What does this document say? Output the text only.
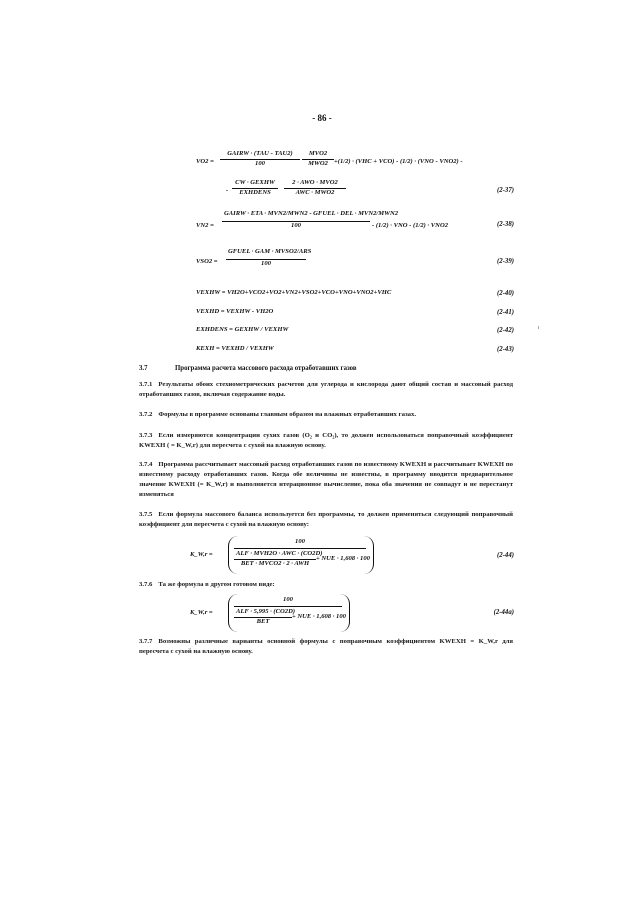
- 86 -
VO2 =
GAIRW · (TAU - TAU2)
100
MVO2
MWO2 +(1/2) · (VHC + VCO) - (1/2) · (VNO - VNO2) -
-
CW · GEXHW
EXHDENS
2 · AWO · MVO2
AWC · MWO2	(2-37)
VN2 =
GAIRW · ETA · MVN2/MWN2 - GFUEL · DEL · MVN2/MWN2
100	- (1/2) · VNO - (1/2) · VNO2	(2-38)
VSO2 =
GFUEL · GAM · MVSO2/ARS
100	(2-39)
VEXHW = VH2O+VCO2+VO2+VN2+VSO2+VCO+VNO+VNO2+VHC	(2-40)
VEXHD = VEXHW - VH2O	(2-41)
EXHDENS = GEXHW / VEXHW	(2-42)
KEXH = VEXHD / VEXHW	(2-43)
3.7	Программа расчета массового расхода отработавших газов
3.7.1 Результаты обоих стехиометрических расчетов для углерода и кислорода дают общий состав и массовый расход отработавших газов, включая содержание воды.
3.7.2 Формулы в программе основаны главным образом на влажных отработавших газах.
3.7.3 Если измеряются концентрации сухих газов (O₂ и CO₂), то должен использоваться поправочный коэффициент KWEXH ( = K_W,r) для пересчета с сухой на влажную основу.
3.7.4 Программа рассчитывает массовый расход отработавших газов по известному KWEXH и рассчитывает KWEXH по известному расходу отработавших газов. Когда обе величины не известны, в программу вводится предварительное значение KWEXH (= K_W,r) и выполняется итерационное вычисление, пока оба значения не совпадут и не перестанут изменяться
3.7.5 Если формула массового баланса используется без программы, то должен применяться следующий поправочный коэффициент для пересчета с сухой на влажную основу:
K_W,r =
100
ALF · MVH2O · AWC · (CO2D)
BET · MVCO2 · 2 · AWH
+ NUE · 1,608 · 100	(2-44)
3.7.6 Та же формула в другом готовом виде:
K_W,r =
100
ALF · 5,995 · (CO2D)
BET
+ NUE · 1,608 · 100
(2-44a)
3.7.7 Возможны различные варианты основной формулы с поправочным коэффициентом KWEXH = K_W,r для пересчета с сухой на влажную основу.
